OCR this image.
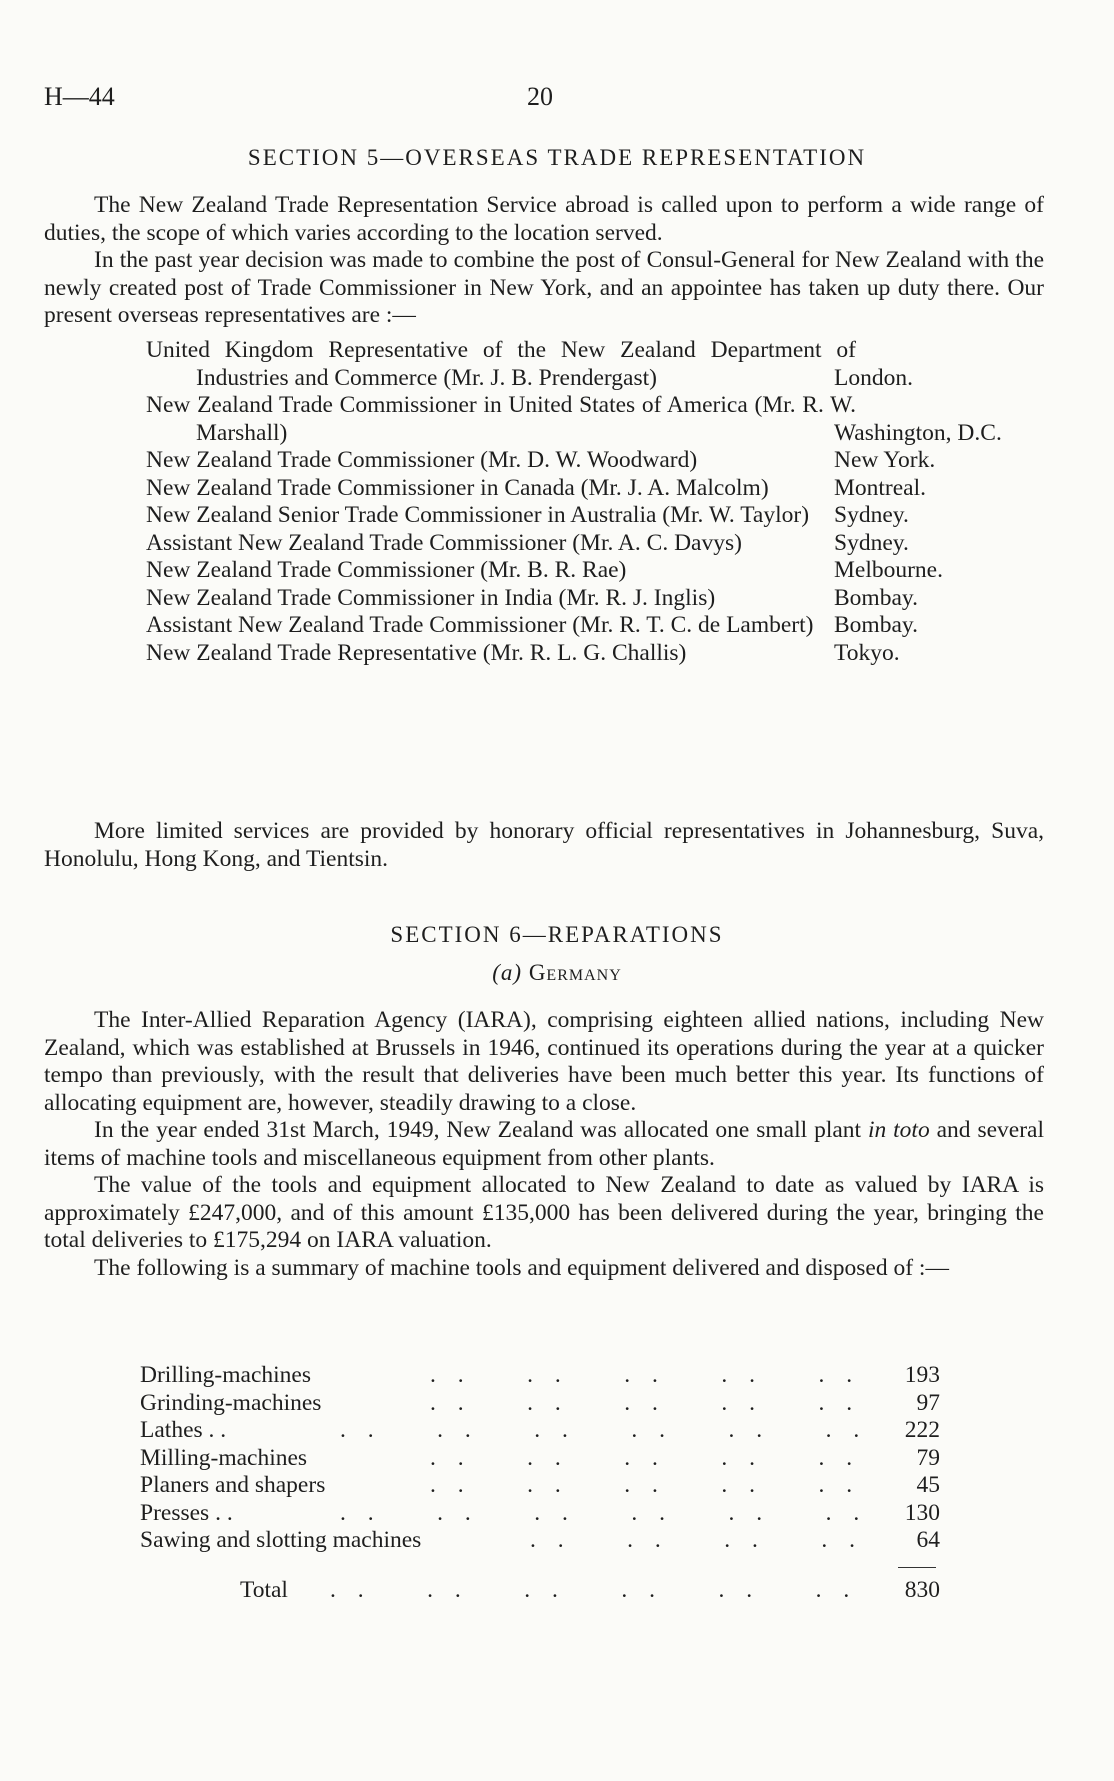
H—44	20
SECTION 5—OVERSEAS TRADE REPRESENTATION

The New Zealand Trade Representation Service abroad is called upon to perform a wide range of duties, the scope of which varies according to the location served.

In the past year decision was made to combine the post of Consul-General for New Zealand with the newly created post of Trade Commissioner in New York, and an appointee has taken up duty there. Our present overseas representatives are :—

United Kingdom Representative of the New Zealand Department of Industries and Commerce (Mr. J. B. Prendergast)	London.
New Zealand Trade Commissioner in United States of America (Mr. R. W. Marshall)	Washington, D.C.
New Zealand Trade Commissioner (Mr. D. W. Woodward)	New York.
New Zealand Trade Commissioner in Canada (Mr. J. A. Malcolm)	Montreal.
New Zealand Senior Trade Commissioner in Australia (Mr. W. Taylor)	Sydney.
Assistant New Zealand Trade Commissioner (Mr. A. C. Davys)	Sydney.
New Zealand Trade Commissioner (Mr. B. R. Rae)	Melbourne.
New Zealand Trade Commissioner in India (Mr. R. J. Inglis)	Bombay.
Assistant New Zealand Trade Commissioner (Mr. R. T. C. de Lambert) Bombay.
New Zealand Trade Representative (Mr. R. L. G. Challis)	Tokyo.

More limited services are provided by honorary official representatives in Johannesburg, Suva, Honolulu, Hong Kong, and Tientsin.

SECTION 6—REPARATIONS
(a) Germany

The Inter-Allied Reparation Agency (IARA), comprising eighteen allied nations, including New Zealand, which was established at Brussels in 1946, continued its operations during the year at a quicker tempo than previously, with the result that deliveries have been much better this year. Its functions of allocating equipment are, however, steadily drawing to a close.

In the year ended 31st March, 1949, New Zealand was allocated one small plant in toto and several items of machine tools and miscellaneous equipment from other plants.

The value of the tools and equipment allocated to New Zealand to date as valued by IARA is approximately £247,000, and of this amount £135,000 has been delivered during the year, bringing the total deliveries to £175,294 on IARA valuation.

The following is a summary of machine tools and equipment delivered and disposed of :—

Drilling-machines	. .    . .    . .    . .    . .	193
Grinding-machines	. .    . .    . .    . .    . .	97
Lathes . .	. .    . .    . .    . .    . .    . .	222
Milling-machines	. .    . .    . .    . .    . .	79
Planers and shapers	. .    . .    . .    . .    . .	45
Presses . .	. .    . .    . .    . .    . .    . .	130
Sawing and slotting machines	. .    . .    . .    . .	64
Total . .    . .    . .    . .    . .    . .	830
